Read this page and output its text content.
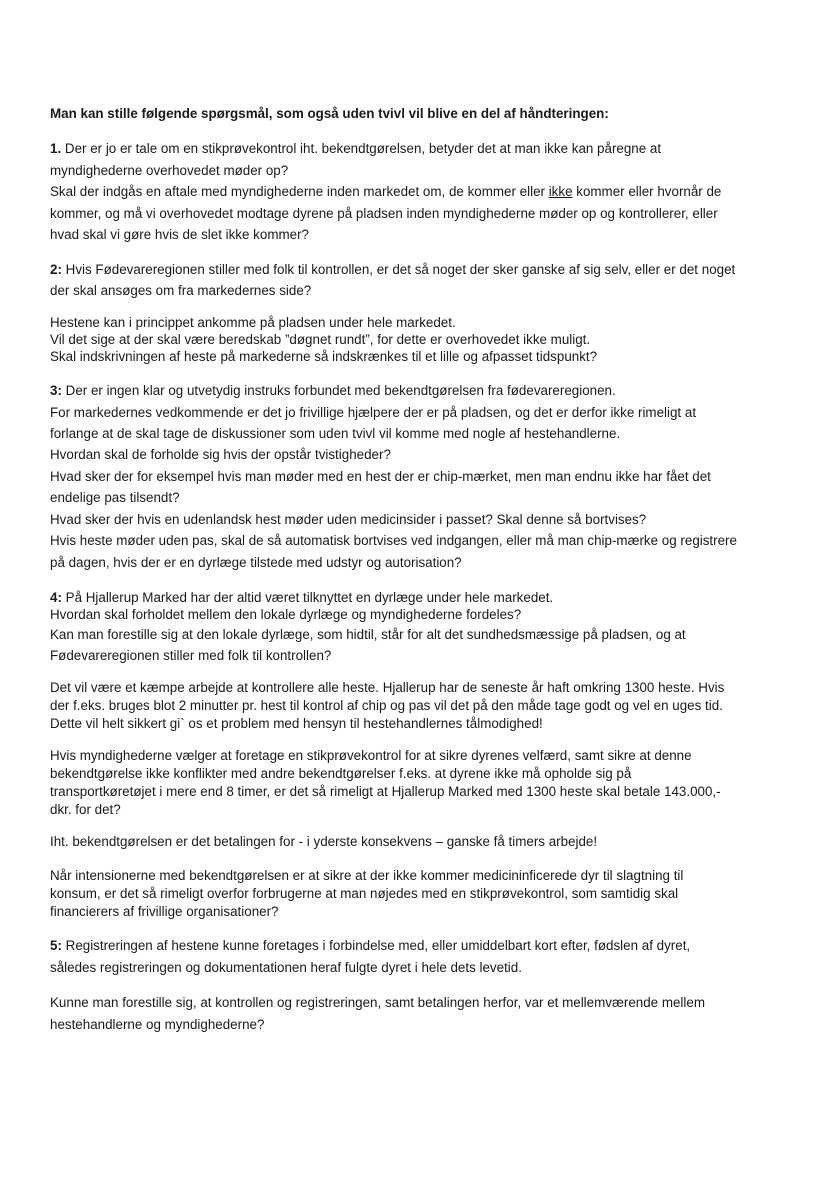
Man kan stille følgende spørgsmål, som også uden tvivl vil blive en del af håndteringen:
1. Der er jo er tale om en stikprøvekontrol iht. bekendtgørelsen, betyder det at man ikke kan påregne at
myndighederne overhovedet møder op?
Skal der indgås en aftale med myndighederne inden markedet om, de kommer eller ikke kommer eller hvornår de
kommer, og må vi overhovedet modtage dyrene på pladsen inden myndighederne møder op og kontrollerer, eller
hvad skal vi gøre hvis de slet ikke kommer?
2: Hvis Fødevareregionen stiller med folk til kontrollen, er det så noget der sker ganske af sig selv, eller er det noget
der skal ansøges om fra markedernes side?
Hestene kan i princippet ankomme på pladsen under hele markedet.
Vil det sige at der skal være beredskab ”døgnet rundt”, for dette er overhovedet ikke muligt.
Skal indskrivningen af heste på markederne så indskrænkes til et lille og afpasset tidspunkt?
3: Der er ingen klar og utvetydig instruks forbundet med bekendtgørelsen fra fødevareregionen.
For markedernes vedkommende er det jo frivillige hjælpere der er på pladsen, og det er derfor ikke rimeligt at
forlange at de skal tage de diskussioner som uden tvivl vil komme med nogle af hestehandlerne.
Hvordan skal de forholde sig hvis der opstår tvistigheder?
Hvad sker der for eksempel hvis man møder med en hest der er chip-mærket, men man endnu ikke har fået det
endelige pas tilsendt?
Hvad sker der hvis en udenlandsk hest møder uden medicinsider i passet? Skal denne så bortvises?
Hvis heste møder uden pas, skal de så automatisk bortvises ved indgangen, eller må man chip-mærke og registrere
på dagen, hvis der er en dyrlæge tilstede med udstyr og autorisation?
4: På Hjallerup Marked har der altid været tilknyttet en dyrlæge under hele markedet.
Hvordan skal forholdet mellem den lokale dyrlæge og myndighederne fordeles?
Kan man forestille sig at den lokale dyrlæge, som hidtil, står for alt det sundhedsmæssige på pladsen, og at
Fødevareregionen stiller med folk til kontrollen?
Det vil være et kæmpe arbejde at kontrollere alle heste. Hjallerup har de seneste år haft omkring 1300 heste. Hvis
der f.eks. bruges blot 2 minutter pr. hest til kontrol af chip og pas vil det på den måde tage godt og vel en uges tid.
Dette vil helt sikkert gi` os et problem med hensyn til hestehandlernes tålmodighed!
Hvis myndighederne vælger at foretage en stikprøvekontrol for at sikre dyrenes velfærd, samt sikre at denne
bekendtgørelse ikke konflikter med andre bekendtgørelser f.eks. at dyrene ikke må opholde sig på
transportkøretøjet i mere end 8 timer, er det så rimeligt at Hjallerup Marked med 1300 heste skal betale 143.000,-
dkr. for det?
Iht. bekendtgørelsen er det betalingen for - i yderste konsekvens – ganske få timers arbejde!
Når intensionerne med bekendtgørelsen er at sikre at der ikke kommer medicininficerede dyr til slagtning til
konsum, er det så rimeligt overfor forbrugerne at man nøjedes med en stikprøvekontrol, som samtidig skal
financierers af frivillige organisationer?
5: Registreringen af hestene kunne foretages i forbindelse med, eller umiddelbart kort efter, fødslen af dyret,
således registreringen og dokumentationen heraf fulgte dyret i hele dets levetid.
Kunne man forestille sig, at kontrollen og registreringen, samt betalingen herfor, var et mellemværende mellem
hestehandlerne og myndighederne?
